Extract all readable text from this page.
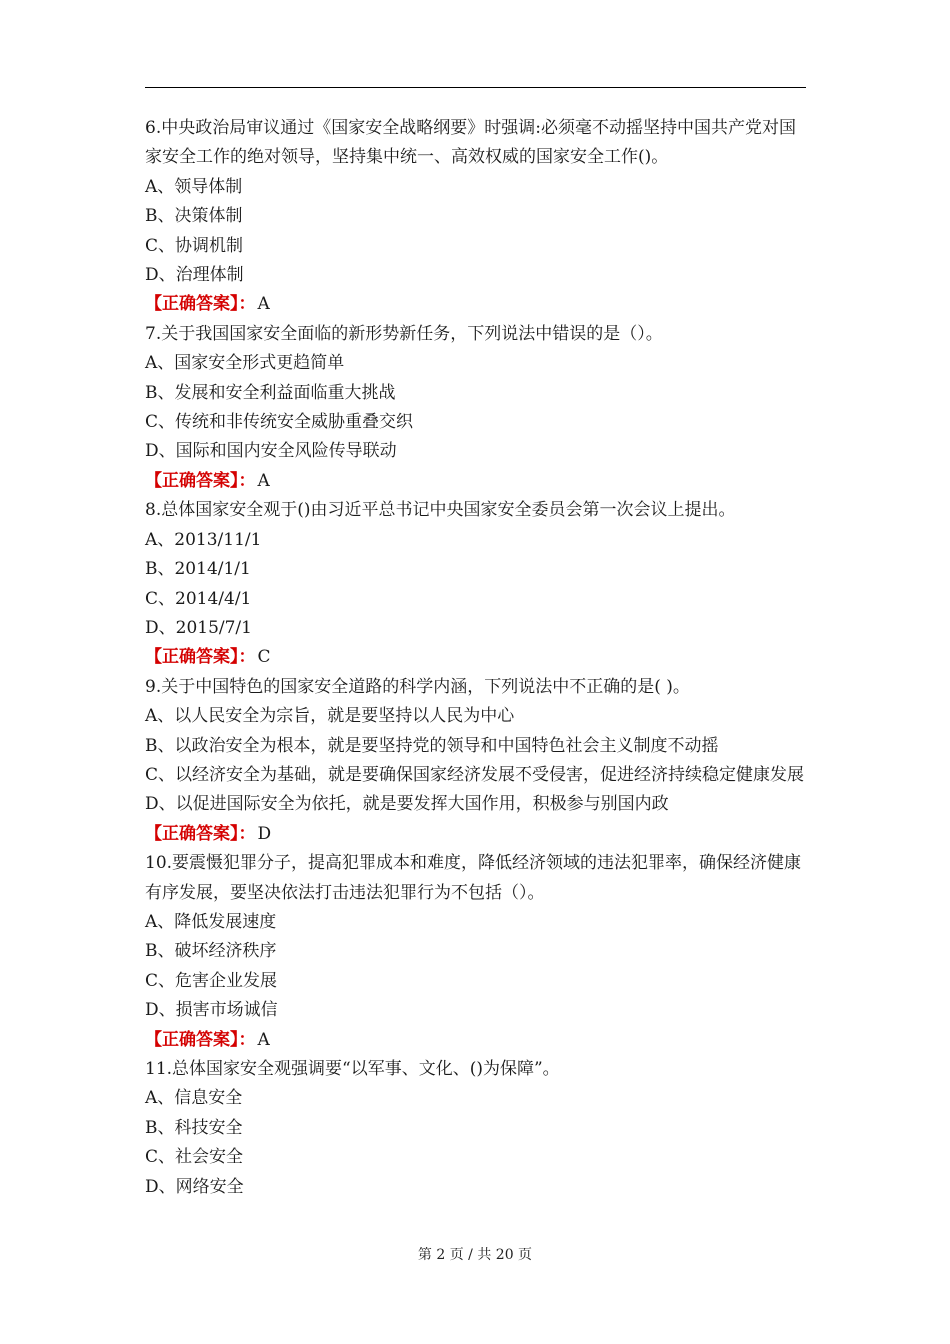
6.中央政治局审议通过《国家安全战略纲要》时强调:必须毫不动摇坚持中国共产党对国家安全工作的绝对领导，坚持集中统一、高效权威的国家安全工作()。
A、领导体制
B、决策体制
C、协调机制
D、治理体制
【正确答案】： A
7.关于我国国家安全面临的新形势新任务，下列说法中错误的是（）。
A、国家安全形式更趋简单
B、发展和安全利益面临重大挑战
C、传统和非传统安全威胁重叠交织
D、国际和国内安全风险传导联动
【正确答案】： A
8.总体国家安全观于()由习近平总书记中央国家安全委员会第一次会议上提出。
A、2013/11/1
B、2014/1/1
C、2014/4/1
D、2015/7/1
【正确答案】： C
9.关于中国特色的国家安全道路的科学内涵，下列说法中不正确的是( )。
A、以人民安全为宗旨，就是要坚持以人民为中心
B、以政治安全为根本，就是要坚持党的领导和中国特色社会主义制度不动摇
C、以经济安全为基础，就是要确保国家经济发展不受侵害，促进经济持续稳定健康发展
D、以促进国际安全为依托，就是要发挥大国作用，积极参与别国内政
【正确答案】： D
10.要震慑犯罪分子，提高犯罪成本和难度，降低经济领域的违法犯罪率，确保经济健康有序发展，要坚决依法打击违法犯罪行为不包括（）。
A、降低发展速度
B、破坏经济秩序
C、危害企业发展
D、损害市场诚信
【正确答案】： A
11.总体国家安全观强调要“以军事、文化、()为保障”。
A、信息安全
B、科技安全
C、社会安全
D、网络安全
第 2 页 / 共 20 页
